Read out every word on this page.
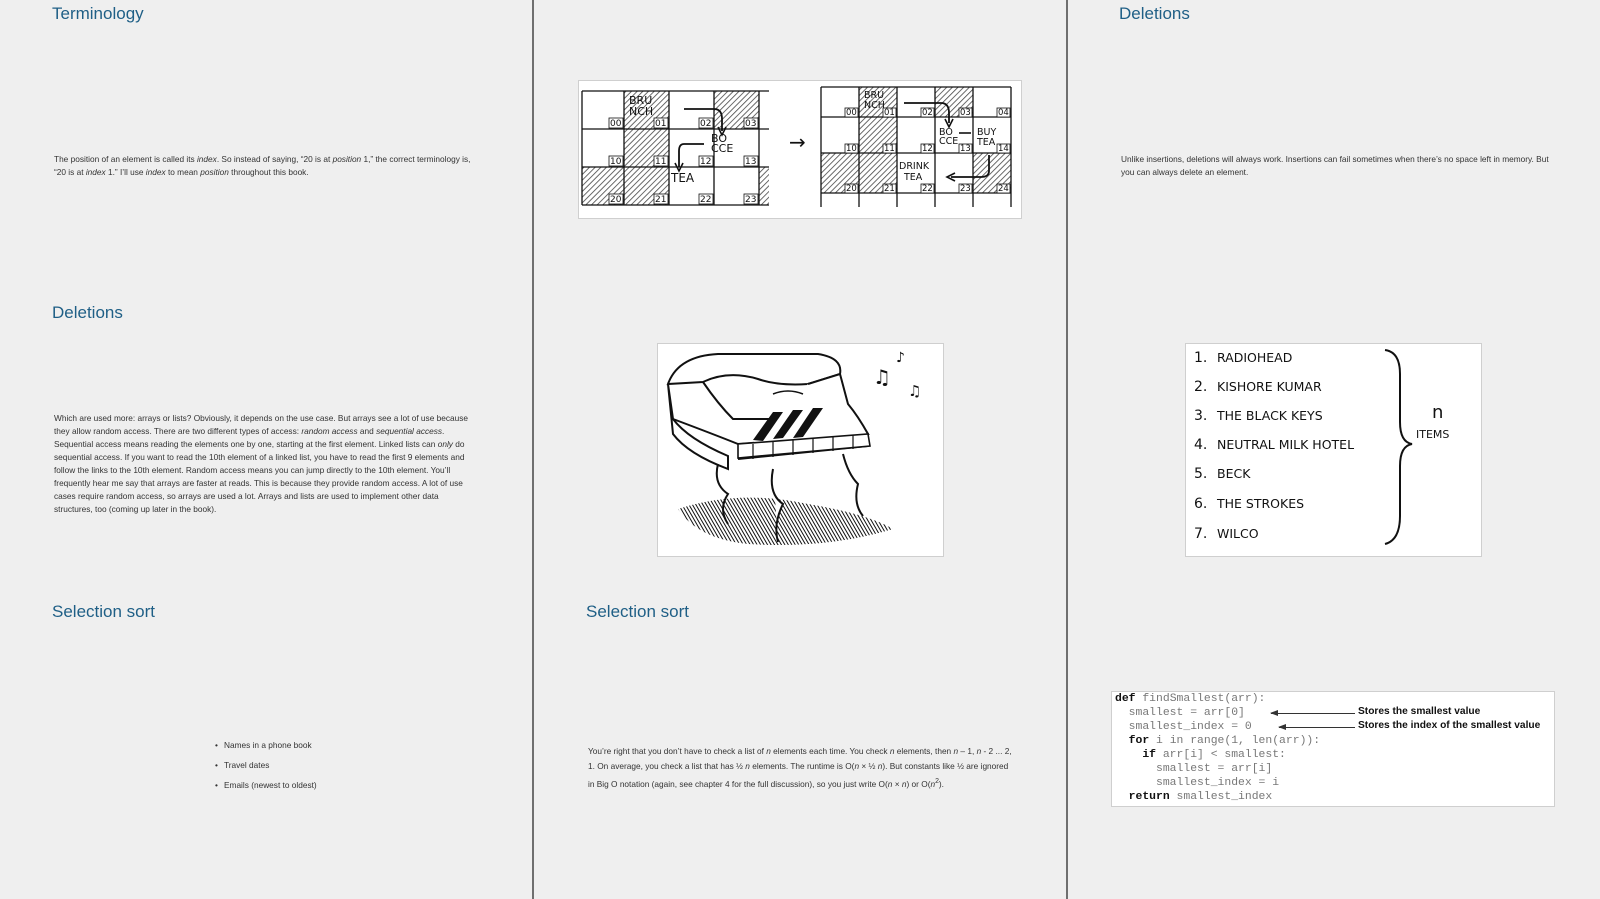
Terminology

The position of an element is called its index. So instead of saying, “20 is at position 1,” the correct terminology is, “20 is at index 1.” I’ll use index to mean position throughout this book.

Deletions

Which are used more: arrays or lists? Obviously, it depends on the use case. But arrays see a lot of use because they allow random access. There are two different types of access: random access and sequential access. Sequential access means reading the elements one by one, starting at the first element. Linked lists can only do sequential access. If you want to read the 10th element of a linked list, you have to read the first 9 elements and follow the links to the 10th element. Random access means you can jump directly to the 10th element. You’ll frequently hear me say that arrays are faster at reads. This is because they provide random access. A lot of use cases require random access, so arrays are used a lot. Arrays and lists are used to implement other data structures, too (coming up later in the book).

Selection sort
• Names in a phone book
• Travel dates
• Emails (newest to oldest)
00	01	02	03
10	11	12	13
20	21	22	23
BRU
NCH
BO
CCE
TEA
→
00	01	02	03	04
10	11	12	13	14
20	21	22	23	24
BRU
NCH
BO
CCE
BUY
TEA
DRINK
TEA
♫
♪
♫
Selection sort

You’re right that you don’t have to check a list of n elements each time. You check n elements, then n – 1, n - 2 ... 2, 1. On average, you check a list that has ½ n elements. The runtime is O(n × ½ n). But constants like ½ are ignored in Big O notation (again, see chapter 4 for the full discussion), so you just write O(n × n) or $O(n^2)$.

Deletions

Unlike insertions, deletions will always work. Insertions can fail sometimes when there’s no space left in memory. But you can always delete an element.

1.
2.
3.
4.
5.
6.
7.
RADIOHEAD
KISHORE KUMAR
THE BLACK KEYS
NEUTRAL MILK HOTEL
BECK
THE STROKES
WILCO
n
ITEMS
def findSmallest(arr):
smallest = arr[0]
smallest_index = 0
for i in range(1, len(arr)):
if arr[i] < smallest:
smallest = arr[i]
smallest_index = i
return smallest_index
Stores the smallest value
Stores the index of the smallest value
